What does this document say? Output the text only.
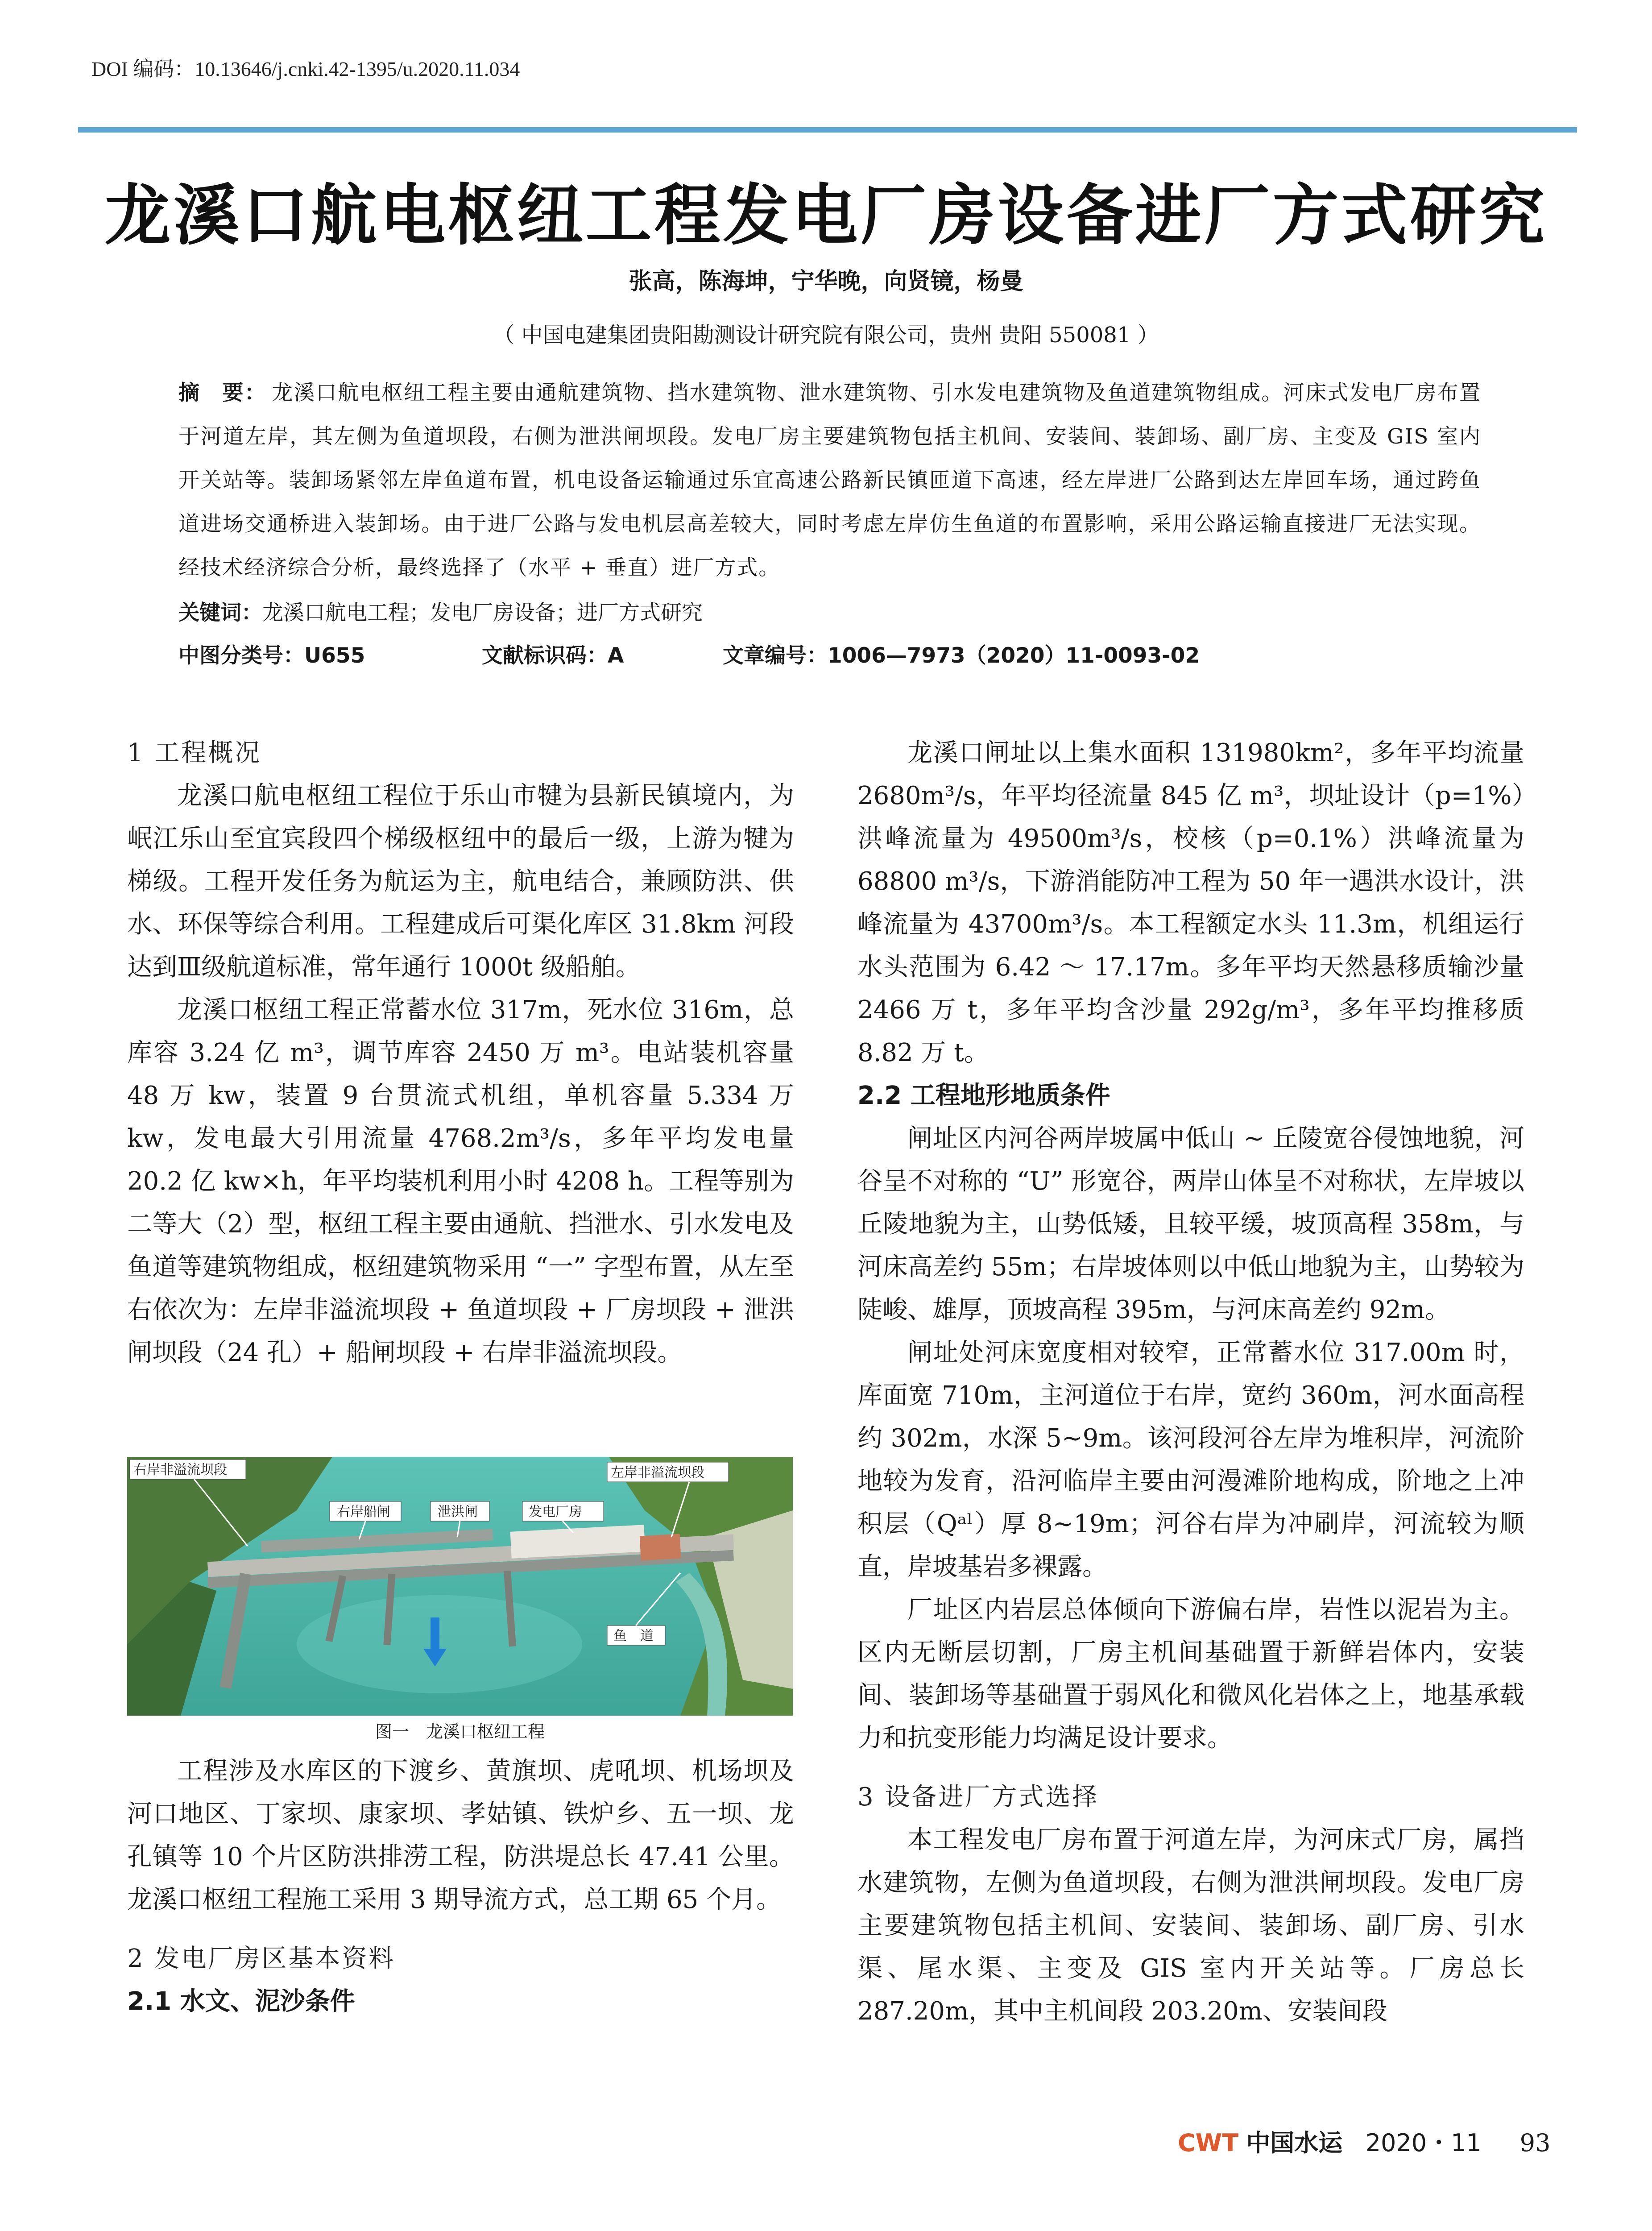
DOI 编码：10.13646/j.cnki.42-1395/u.2020.11.034
龙溪口航电枢纽工程发电厂房设备进厂方式研究
张高，陈海坤，宁华晚，向贤镜，杨曼
（ 中国电建集团贵阳勘测设计研究院有限公司，贵州 贵阳 550081 ）
摘　要： 龙溪口航电枢纽工程主要由通航建筑物、挡水建筑物、泄水建筑物、引水发电建筑物及鱼道建筑物组成。河床式发电厂房布置于河道左岸，其左侧为鱼道坝段，右侧为泄洪闸坝段。发电厂房主要建筑物包括主机间、安装间、装卸场、副厂房、主变及 GIS 室内开关站等。装卸场紧邻左岸鱼道布置，机电设备运输通过乐宜高速公路新民镇匝道下高速，经左岸进厂公路到达左岸回车场，通过跨鱼道进场交通桥进入装卸场。由于进厂公路与发电机层高差较大，同时考虑左岸仿生鱼道的布置影响，采用公路运输直接进厂无法实现。经技术经济综合分析，最终选择了（水平 + 垂直）进厂方式。
关键词：龙溪口航电工程；发电厂房设备；进厂方式研究
中图分类号：U655	文献标识码：A	文章编号：1006—7973（2020）11-0093-02
1 工程概况

龙溪口航电枢纽工程位于乐山市犍为县新民镇境内，为岷江乐山至宜宾段四个梯级枢纽中的最后一级，上游为犍为梯级。工程开发任务为航运为主，航电结合，兼顾防洪、供水、环保等综合利用。工程建成后可渠化库区 31.8km 河段达到Ⅲ级航道标准，常年通行 1000t 级船舶。

龙溪口枢纽工程正常蓄水位 317m，死水位 316m，总库容 3.24 亿 m³，调节库容 2450 万 m³。电站装机容量 48 万 kw，装置 9 台贯流式机组，单机容量 5.334 万 kw，发电最大引用流量 4768.2m³/s，多年平均发电量 20.2 亿 kw×h，年平均装机利用小时 4208 h。工程等别为二等大（2）型，枢纽工程主要由通航、挡泄水、引水发电及鱼道等建筑物组成，枢纽建筑物采用 “一” 字型布置，从左至右依次为：左岸非溢流坝段 + 鱼道坝段 + 厂房坝段 + 泄洪闸坝段（24 孔）+ 船闸坝段 + 右岸非溢流坝段。

右岸非溢流坝段	左岸非溢流坝段
右岸船闸	泄洪闸	发电厂房
鱼　道
图一　龙溪口枢纽工程

工程涉及水库区的下渡乡、黄旗坝、虎吼坝、机场坝及河口地区、丁家坝、康家坝、孝姑镇、铁炉乡、五一坝、龙孔镇等 10 个片区防洪排涝工程，防洪堤总长 47.41 公里。龙溪口枢纽工程施工采用 3 期导流方式，总工期 65 个月。

2 发电厂房区基本资料
2.1 水文、泥沙条件

龙溪口闸址以上集水面积 131980km²，多年平均流量 2680m³/s，年平均径流量 845 亿 m³，坝址设计（p=1%）洪峰流量为 49500m³/s，校核（p=0.1%）洪峰流量为 68800 m³/s，下游消能防冲工程为 50 年一遇洪水设计，洪峰流量为 43700m³/s。本工程额定水头 11.3m，机组运行水头范围为 6.42 ～ 17.17m。多年平均天然悬移质输沙量 2466 万 t，多年平均含沙量 292g/m³，多年平均推移质 8.82 万 t。

2.2 工程地形地质条件

闸址区内河谷两岸坡属中低山 ~ 丘陵宽谷侵蚀地貌，河谷呈不对称的 “U” 形宽谷，两岸山体呈不对称状，左岸坡以丘陵地貌为主，山势低矮，且较平缓，坡顶高程 358m，与河床高差约 55m；右岸坡体则以中低山地貌为主，山势较为陡峻、雄厚，顶坡高程 395m，与河床高差约 92m。

闸址处河床宽度相对较窄，正常蓄水位 317.00m 时，库面宽 710m，主河道位于右岸，宽约 360m，河水面高程约 302m，水深 5~9m。该河段河谷左岸为堆积岸，河流阶地较为发育，沿河临岸主要由河漫滩阶地构成，阶地之上冲积层（Qᵃˡ）厚 8~19m；河谷右岸为冲刷岸，河流较为顺直，岸坡基岩多裸露。

厂址区内岩层总体倾向下游偏右岸，岩性以泥岩为主。区内无断层切割，厂房主机间基础置于新鲜岩体内，安装间、装卸场等基础置于弱风化和微风化岩体之上，地基承载力和抗变形能力均满足设计要求。

3 设备进厂方式选择

本工程发电厂房布置于河道左岸，为河床式厂房，属挡水建筑物，左侧为鱼道坝段，右侧为泄洪闸坝段。发电厂房主要建筑物包括主机间、安装间、装卸场、副厂房、引水渠、尾水渠、主变及 GIS 室内开关站等。厂房总长 287.20m，其中主机间段 203.20m、安装间段

CWT 中国水运 2020・11 93
